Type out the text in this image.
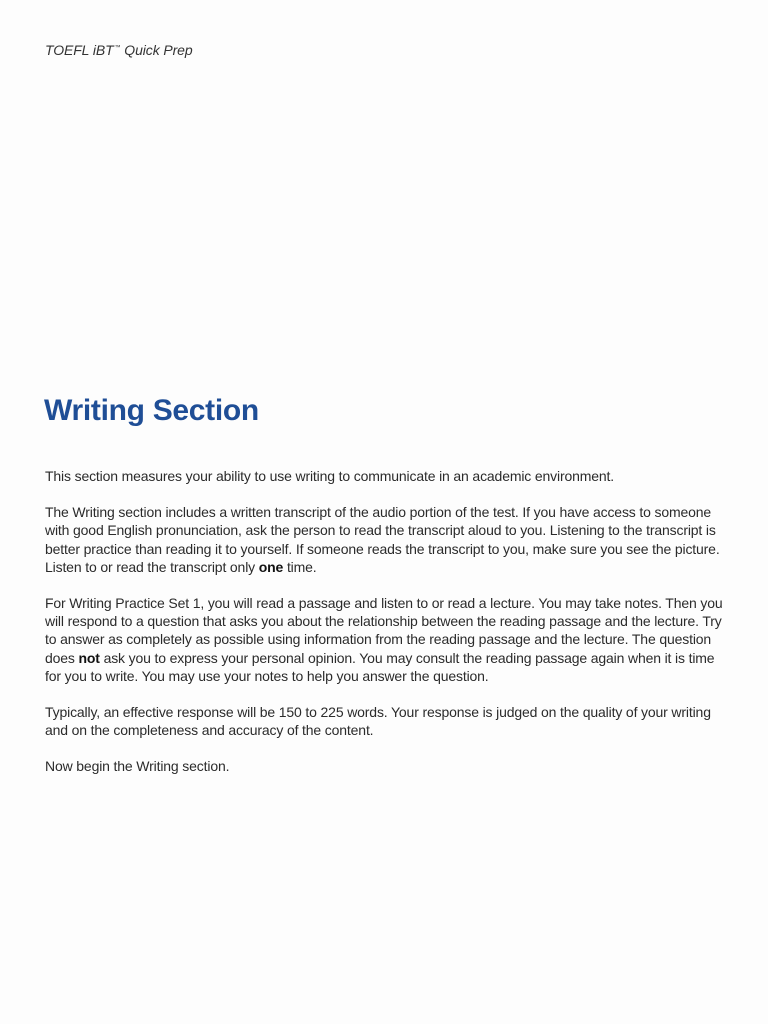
TOEFL iBT™ Quick Prep
Writing Section

This section measures your ability to use writing to communicate in an academic environment.

The Writing section includes a written transcript of the audio portion of the test. If you have access to someone with good English pronunciation, ask the person to read the transcript aloud to you. Listening to the transcript is better practice than reading it to yourself. If someone reads the transcript to you, make sure you see the picture. Listen to or read the transcript only one time.

For Writing Practice Set 1, you will read a passage and listen to or read a lecture. You may take notes. Then you will respond to a question that asks you about the relationship between the reading passage and the lecture. Try to answer as completely as possible using information from the reading passage and the lecture. The question does not ask you to express your personal opinion. You may consult the reading passage again when it is time for you to write. You may use your notes to help you answer the question.

Typically, an effective response will be 150 to 225 words. Your response is judged on the quality of your writing and on the completeness and accuracy of the content.

Now begin the Writing section.
